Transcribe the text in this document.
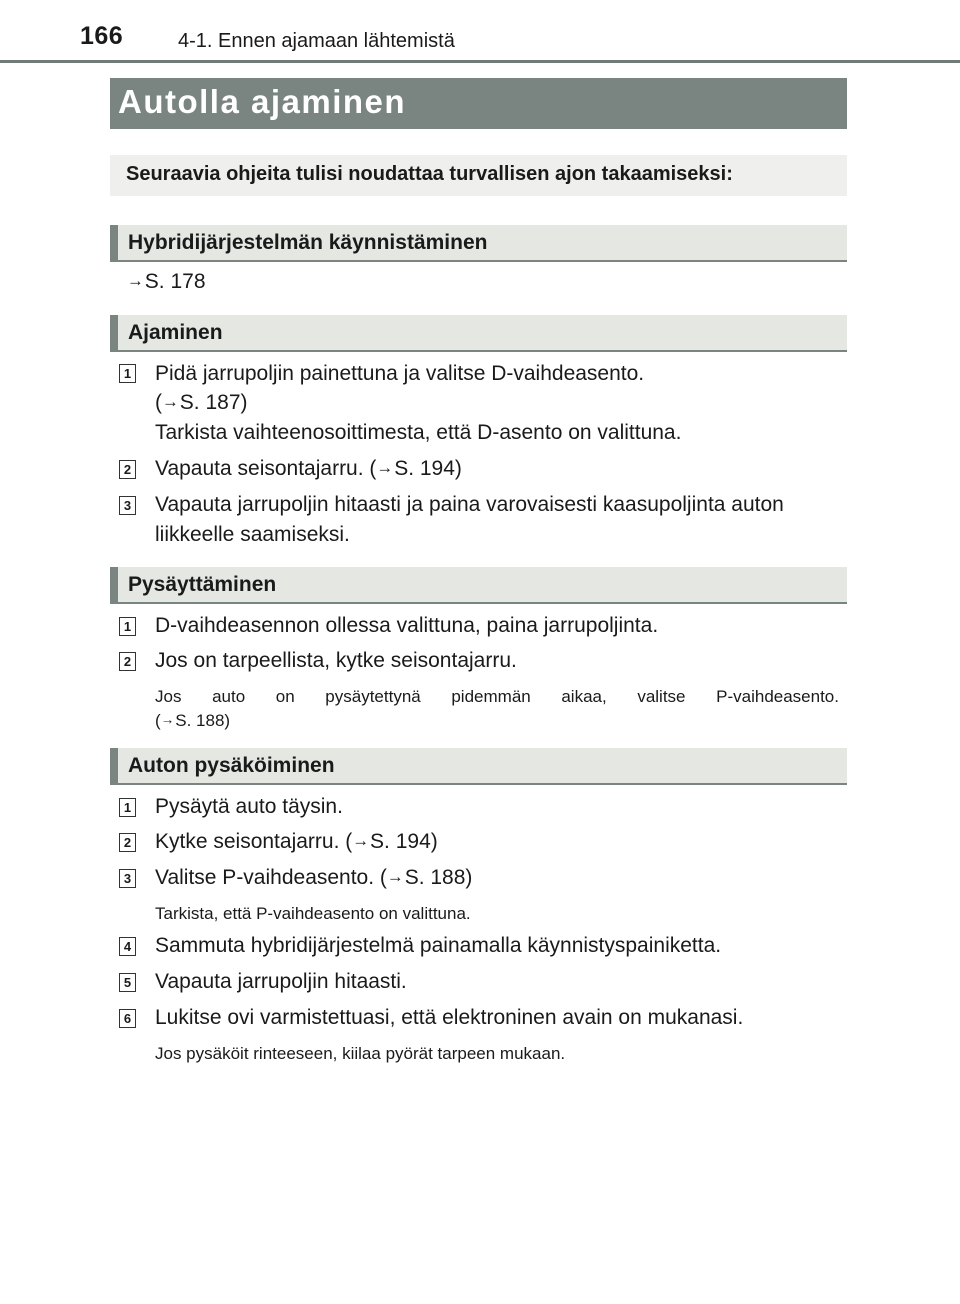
166	4-1. Ennen ajamaan lähtemistä
Autolla ajaminen
Seuraavia ohjeita tulisi noudattaa turvallisen ajon takaamiseksi:
Hybridijärjestelmän käynnistäminen
→S. 178
Ajaminen
1 Pidä jarrupoljin painettuna ja valitse D-vaihdeasento.
(→S. 187)
Tarkista vaihteenosoittimesta, että D-asento on valittuna.
2 Vapauta seisontajarru. (→S. 194)
3 Vapauta jarrupoljin hitaasti ja paina varovaisesti kaasupoljinta auton
liikkeelle saamiseksi.
Pysäyttäminen
1 D-vaihdeasennon ollessa valittuna, paina jarrupoljinta.
2 Jos on tarpeellista, kytke seisontajarru.
Jos auto on pysäytettynä pidemmän aikaa, valitse P-vaihdeasento.
(→S. 188)
Auton pysäköiminen
1 Pysäytä auto täysin.
2 Kytke seisontajarru. (→S. 194)
3 Valitse P-vaihdeasento. (→S. 188)
Tarkista, että P-vaihdeasento on valittuna.
4 Sammuta hybridijärjestelmä painamalla käynnistyspainiketta.
5 Vapauta jarrupoljin hitaasti.
6 Lukitse ovi varmistettuasi, että elektroninen avain on mukanasi.
Jos pysäköit rinteeseen, kiilaa pyörät tarpeen mukaan.
